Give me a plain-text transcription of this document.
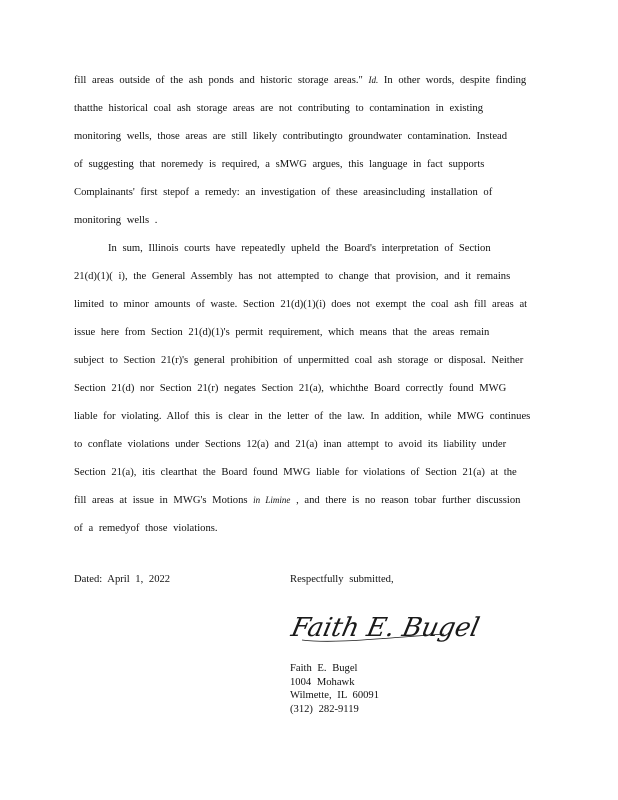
fill areas outside of the ash ponds and historic storage areas." Id. In other words, despite finding
thatthe historical coal ash storage areas are not contributing to contamination in existing
monitoring wells, those areas are still likely contributingto groundwater contamination. Instead
of suggesting that noremedy is required, a sMWG argues, this language in fact supports
Complainants' first stepof a remedy: an investigation of these areasincluding installation of
monitoring wells .
In sum, Illinois courts have repeatedly upheld the Board's interpretation of Section
21(d)(1)( i), the General Assembly has not attempted to change that provision, and it remains
limited to minor amounts of waste. Section 21(d)(1)(i) does not exempt the coal ash fill areas at
issue here from Section 21(d)(1)'s permit requirement, which means that the areas remain
subject to Section 21(r)'s general prohibition of unpermitted coal ash storage or disposal. Neither
Section 21(d) nor Section 21(r) negates Section 21(a), whichthe Board correctly found MWG
liable for violating. Allof this is clear in the letter of the law. In addition, while MWG continues
to conflate violations under Sections 12(a) and 21(a) inan attempt to avoid its liability under
Section 21(a), itis clearthat the Board found MWG liable for violations of Section 21(a) at the
fill areas at issue in MWG's Motions in Limine , and there is no reason tobar further discussion
of a remedyof those violations.
Dated: April 1, 2022	Respectfully submitted,
Faith E. Bugel
Faith E. Bugel
1004 Mohawk
Wilmette, IL 60091
(312) 282-9119
